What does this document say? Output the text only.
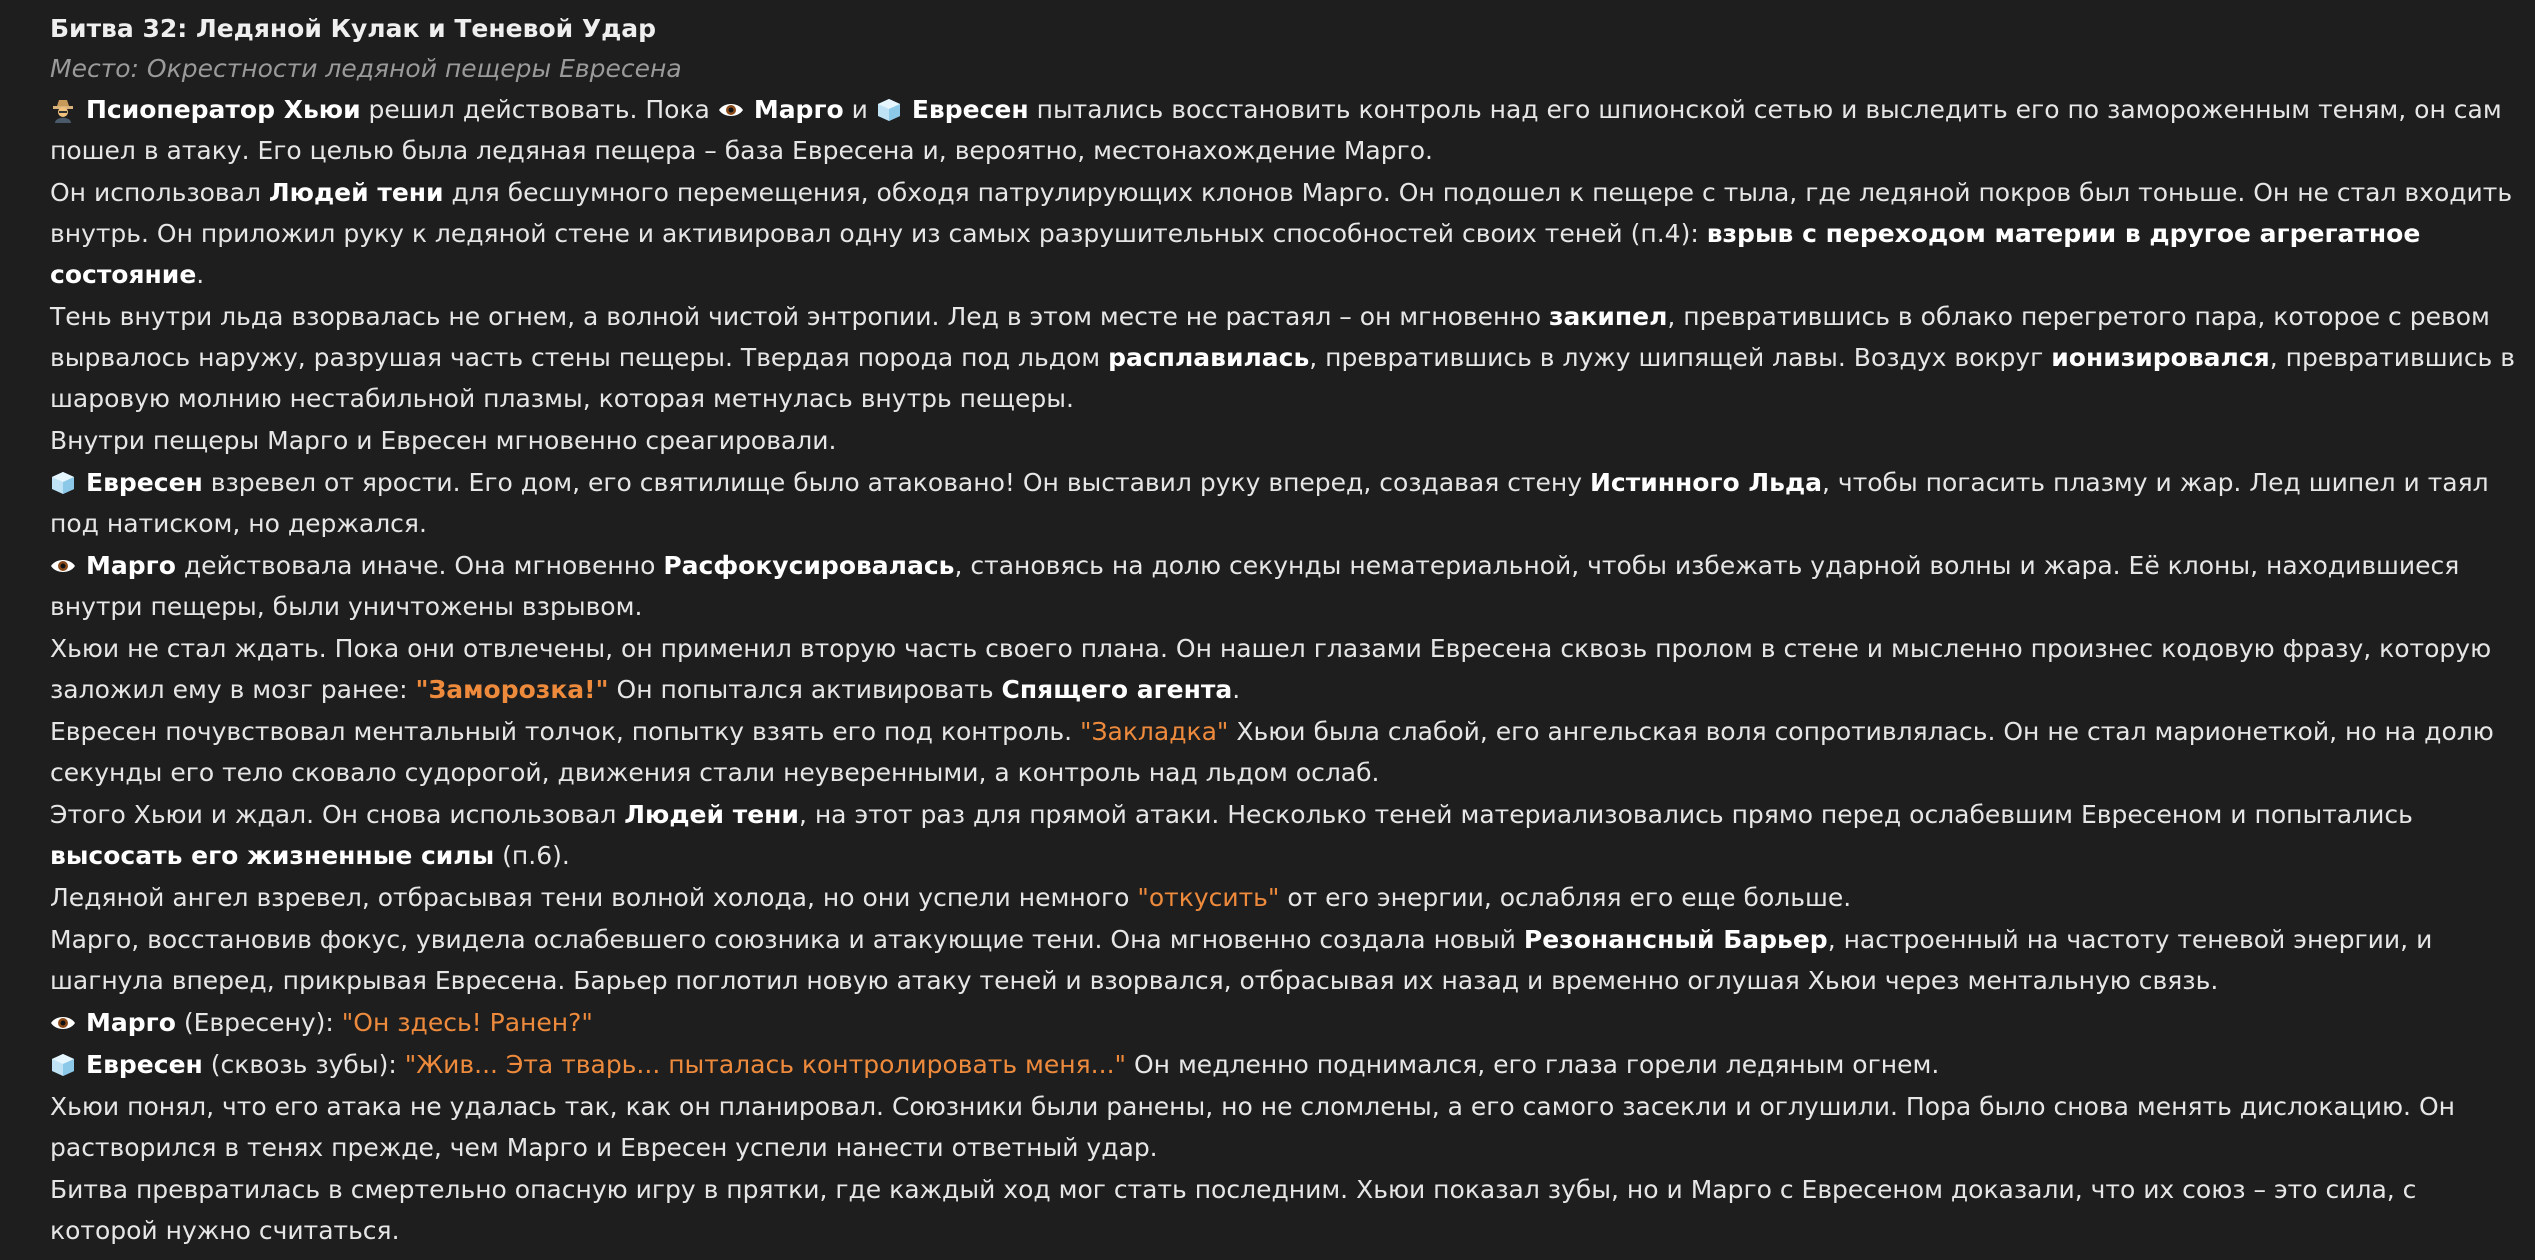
Битва 32: Ледяной Кулак и Теневой Удар
Место: Окрестности ледяной пещеры Евресена

Псиоператор Хьюи решил действовать. Пока
Марго и
Евресен пытались восстановить контроль над его шпионской сетью и выследить его по замороженным теням, он сам пошел в атаку. Его целью была ледяная пещера – база Евресена и, вероятно, местонахождение Марго.

Он использовал Людей тени для бесшумного перемещения, обходя патрулирующих клонов Марго. Он подошел к пещере с тыла, где ледяной покров был тоньше. Он не стал входить внутрь. Он приложил руку к ледяной стене и активировал одну из самых разрушительных способностей своих теней (п.4): взрыв с переходом материи в другое агрегатное состояние.

Тень внутри льда взорвалась не огнем, а волной чистой энтропии. Лед в этом месте не растаял – он мгновенно закипел, превратившись в облако перегретого пара, которое с ревом вырвалось наружу, разрушая часть стены пещеры. Твердая порода под льдом расплавилась, превратившись в лужу шипящей лавы. Воздух вокруг ионизировался, превратившись в шаровую молнию нестабильной плазмы, которая метнулась внутрь пещеры.

Внутри пещеры Марго и Евресен мгновенно среагировали.

Евресен взревел от ярости. Его дом, его святилище было атаковано! Он выставил руку вперед, создавая стену Истинного Льда, чтобы погасить плазму и жар. Лед шипел и таял под натиском, но держался.

Марго действовала иначе. Она мгновенно Расфокусировалась, становясь на долю секунды нематериальной, чтобы избежать ударной волны и жара. Её клоны, находившиеся внутри пещеры, были уничтожены взрывом.

Хьюи не стал ждать. Пока они отвлечены, он применил вторую часть своего плана. Он нашел глазами Евресена сквозь пролом в стене и мысленно произнес кодовую фразу, которую заложил ему в мозг ранее: "Заморозка!" Он попытался активировать Спящего агента.

Евресен почувствовал ментальный толчок, попытку взять его под контроль. "Закладка" Хьюи была слабой, его ангельская воля сопротивлялась. Он не стал марионеткой, но на долю секунды его тело сковало судорогой, движения стали неуверенными, а контроль над льдом ослаб.

Этого Хьюи и ждал. Он снова использовал Людей тени, на этот раз для прямой атаки. Несколько теней материализовались прямо перед ослабевшим Евресеном и попытались высосать его жизненные силы (п.6).

Ледяной ангел взревел, отбрасывая тени волной холода, но они успели немного "откусить" от его энергии, ослабляя его еще больше.

Марго, восстановив фокус, увидела ослабевшего союзника и атакующие тени. Она мгновенно создала новый Резонансный Барьер, настроенный на частоту теневой энергии, и шагнула вперед, прикрывая Евресена. Барьер поглотил новую атаку теней и взорвался, отбрасывая их назад и временно оглушая Хьюи через ментальную связь.

Марго (Евресену): "Он здесь! Ранен?"

Евресен (сквозь зубы): "Жив... Эта тварь... пыталась контролировать меня..." Он медленно поднимался, его глаза горели ледяным огнем.

Хьюи понял, что его атака не удалась так, как он планировал. Союзники были ранены, но не сломлены, а его самого засекли и оглушили. Пора было снова менять дислокацию. Он растворился в тенях прежде, чем Марго и Евресен успели нанести ответный удар.

Битва превратилась в смертельно опасную игру в прятки, где каждый ход мог стать последним. Хьюи показал зубы, но и Марго с Евресеном доказали, что их союз – это сила, с которой нужно считаться.
